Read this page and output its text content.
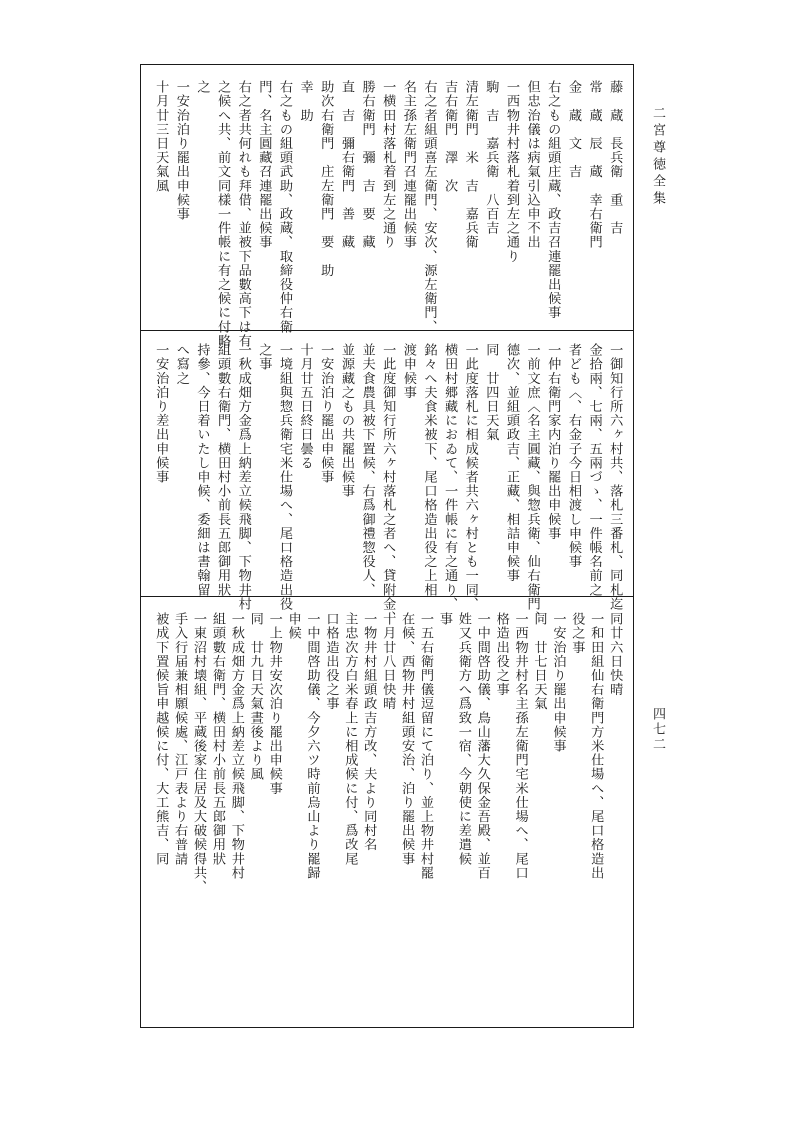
二宮尊徳全集
四七二
藤　蔵　長兵衛　重　吉
常　蔵　辰　蔵　幸右衛門
金　蔵　文　吉
右之もの組頭庄蔵、政吉召連罷出候事
但忠治儀は病氣引込申不出
一西物井村落札着到左之通り
駒　吉　嘉兵衛　八百吉
清左衛門　米　吉　嘉兵衛
吉右衛門　澤　次
右之者組頭喜左衛門、安次、源左衛門、
名主孫左衛門召連罷出候事
一横田村落札着到左之通り
勝右衛門　彌　吉　要　藏
直　吉　彌右衛門　善　藏
助次右衛門　庄左衛門　要　助
幸　助
右之もの組頭武助、政蔵、取締役仲右衛
門、名主圓藏召連罷出候事
右之者共何れも拜借、並被下品數高下は有
之候へ共、前文同樣一件帳に有之候に付略
之
一安治泊り罷出申候事
十月廿三日天氣風
一御知行所六ヶ村共、落札三番札、同札迄
金拾兩、七兩、五兩づゝ、一件帳名前之
者ども〈、右金子今日相渡し申候事
一仲右衛門家内泊り罷出申候事
一前文庶〈名主圓藏、與惣兵衛、仙右衛門、
德次、並組頭政吉、正藏、相詰申候事
同　廿四日天氣
一此度落札に相成候者共六ヶ村とも一同、
横田村郷藏におゐて、一件帳に有之通り、
銘々へ夫食米被下、尾口格造出役之上相
渡申候事
一此度御知行所六ヶ村落札之者へ、貸附金、
並夫食農具被下置候、右爲御禮惣役人、
並源藏之もの共罷出候事
一安治泊り罷出申候事
十月廿五日終日曇る
一境組與惣兵衛宅米仕場へ、尾口格造出役
之事
一秋成畑方金爲上納差立候飛脚、下物井村
組頭數右衛門、横田村小前長五郎御用狀
持參、今日着いたし申候、委細は書翰留
へ寫之
一安治泊り差出申候事
同廿六日快晴
一和田組仙右衛門方米仕場へ、尾口格造出
役之事
一安治泊り罷出申候事
同　廿七日天氣
一西物井村名主孫左衛門宅米仕場へ、尾口
格造出役之事
一中間啓助儀、鳥山藩大久保金吾殿、並百
姓又兵衛方へ爲致一宿、今朝使に差遣候
事
一五右衛門儀逗留にて泊り、並上物井村罷
在候、西物井村組頭安治、泊り罷出候事
十月廿八日快晴
一物井村組頭政吉方改、夫より同村名
主忠次方白米春上に相成候に付、爲改尾
口格造出役之事
一中間啓助儀、今夕六ツ時前烏山より罷歸
申候
一上物井安次泊り罷出申候事
同　廿九日天氣晝後より風
一秋成畑方金爲上納差立候飛脚、下物井村
組頭數右衛門、横田村小前長五郎御用狀
一東沼村壊組、平蔵後家住居及大破候得共、
手入行届兼相願候處、江戸表より右普請
被成下置候旨申越候に付、大工熊吉、同
